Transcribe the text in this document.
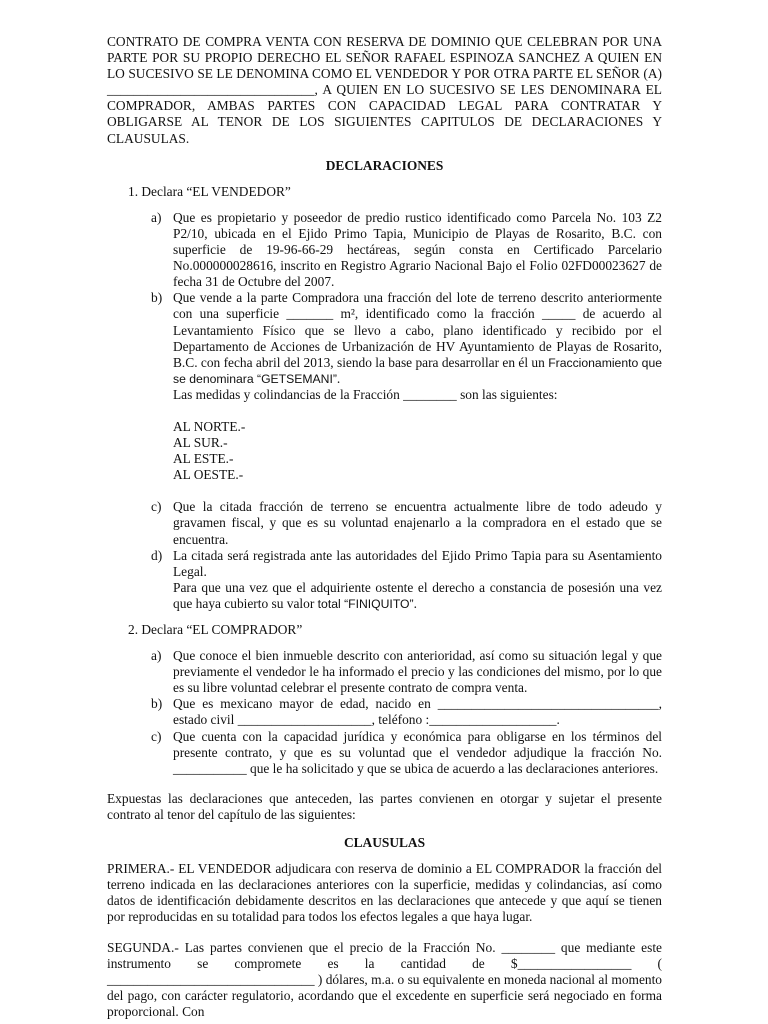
CONTRATO DE COMPRA VENTA CON RESERVA DE DOMINIO QUE CELEBRAN POR UNA PARTE POR SU PROPIO DERECHO EL SEÑOR RAFAEL ESPINOZA SANCHEZ A QUIEN EN LO SUCESIVO SE LE DENOMINA COMO EL VENDEDOR Y POR OTRA PARTE EL SEÑOR (A) _______________________________, A QUIEN EN LO SUCESIVO SE LES DENOMINARA EL COMPRADOR, AMBAS PARTES CON CAPACIDAD LEGAL PARA CONTRATAR Y OBLIGARSE AL TENOR DE LOS SIGUIENTES CAPITULOS DE DECLARACIONES Y CLAUSULAS.

DECLARACIONES

1. Declara “EL VENDEDOR”

a) Que es propietario y poseedor de predio rustico identificado como Parcela No. 103 Z2 P2/10, ubicada en el Ejido Primo Tapia, Municipio de Playas de Rosarito, B.C. con superficie de 19-96-66-29 hectáreas, según consta en Certificado Parcelario No.000000028616, inscrito en Registro Agrario Nacional Bajo el Folio 02FD00023627 de fecha 31 de Octubre del 2007.
b) Que vende a la parte Compradora una fracción del lote de terreno descrito anteriormente con una superficie _______ m², identificado como la fracción _____ de acuerdo al Levantamiento Físico que se llevo a cabo, plano identificado y recibido por el Departamento de Acciones de Urbanización de HV Ayuntamiento de Playas de Rosarito, B.C. con fecha abril del 2013, siendo la base para desarrollar en él un Fraccionamiento que se denominara “GETSEMANI”.

Las medidas y colindancias de la Fracción ________ son las siguientes:

AL NORTE.-

AL SUR.-

AL ESTE.-

AL OESTE.-

c) Que la citada fracción de terreno se encuentra actualmente libre de todo adeudo y gravamen fiscal, y que es su voluntad enajenarlo a la compradora en el estado que se encuentra.
d) La citada será registrada ante las autoridades del Ejido Primo Tapia para su Asentamiento Legal.
Para que una vez que el adquiriente ostente el derecho a constancia de posesión una vez que haya cubierto su valor total “FINIQUITO”.

2. Declara “EL COMPRADOR”

a) Que conoce el bien inmueble descrito con anterioridad, así como su situación legal y que previamente el vendedor le ha informado el precio y las condiciones del mismo, por lo que es su libre voluntad celebrar el presente contrato de compra venta.
b) Que es mexicano mayor de edad, nacido en _________________________________, estado civil ____________________, teléfono :___________________.
c) Que cuenta con la capacidad jurídica y económica para obligarse en los términos del presente contrato, y que es su voluntad que el vendedor adjudique la fracción No. ___________ que le ha solicitado y que se ubica de acuerdo a las declaraciones anteriores.

Expuestas las declaraciones que anteceden, las partes convienen en otorgar y sujetar el presente contrato al tenor del capítulo de las siguientes:

CLAUSULAS

PRIMERA.- EL VENDEDOR adjudicara con reserva de dominio a EL COMPRADOR la fracción del terreno indicada en las declaraciones anteriores con la superficie, medidas y colindancias, así como datos de identificación debidamente descritos en las declaraciones que antecede y que aquí se tienen por reproducidas en su totalidad para todos los efectos legales a que haya lugar.

SEGUNDA.- Las partes convienen que el precio de la Fracción No. ________ que mediante este instrumento se compromete es la cantidad de $_________________ ( _______________________________ ) dólares, m.a. o su equivalente en moneda nacional al momento del pago, con carácter regulatorio, acordando que el excedente en superficie será negociado en forma proporcional. Con
